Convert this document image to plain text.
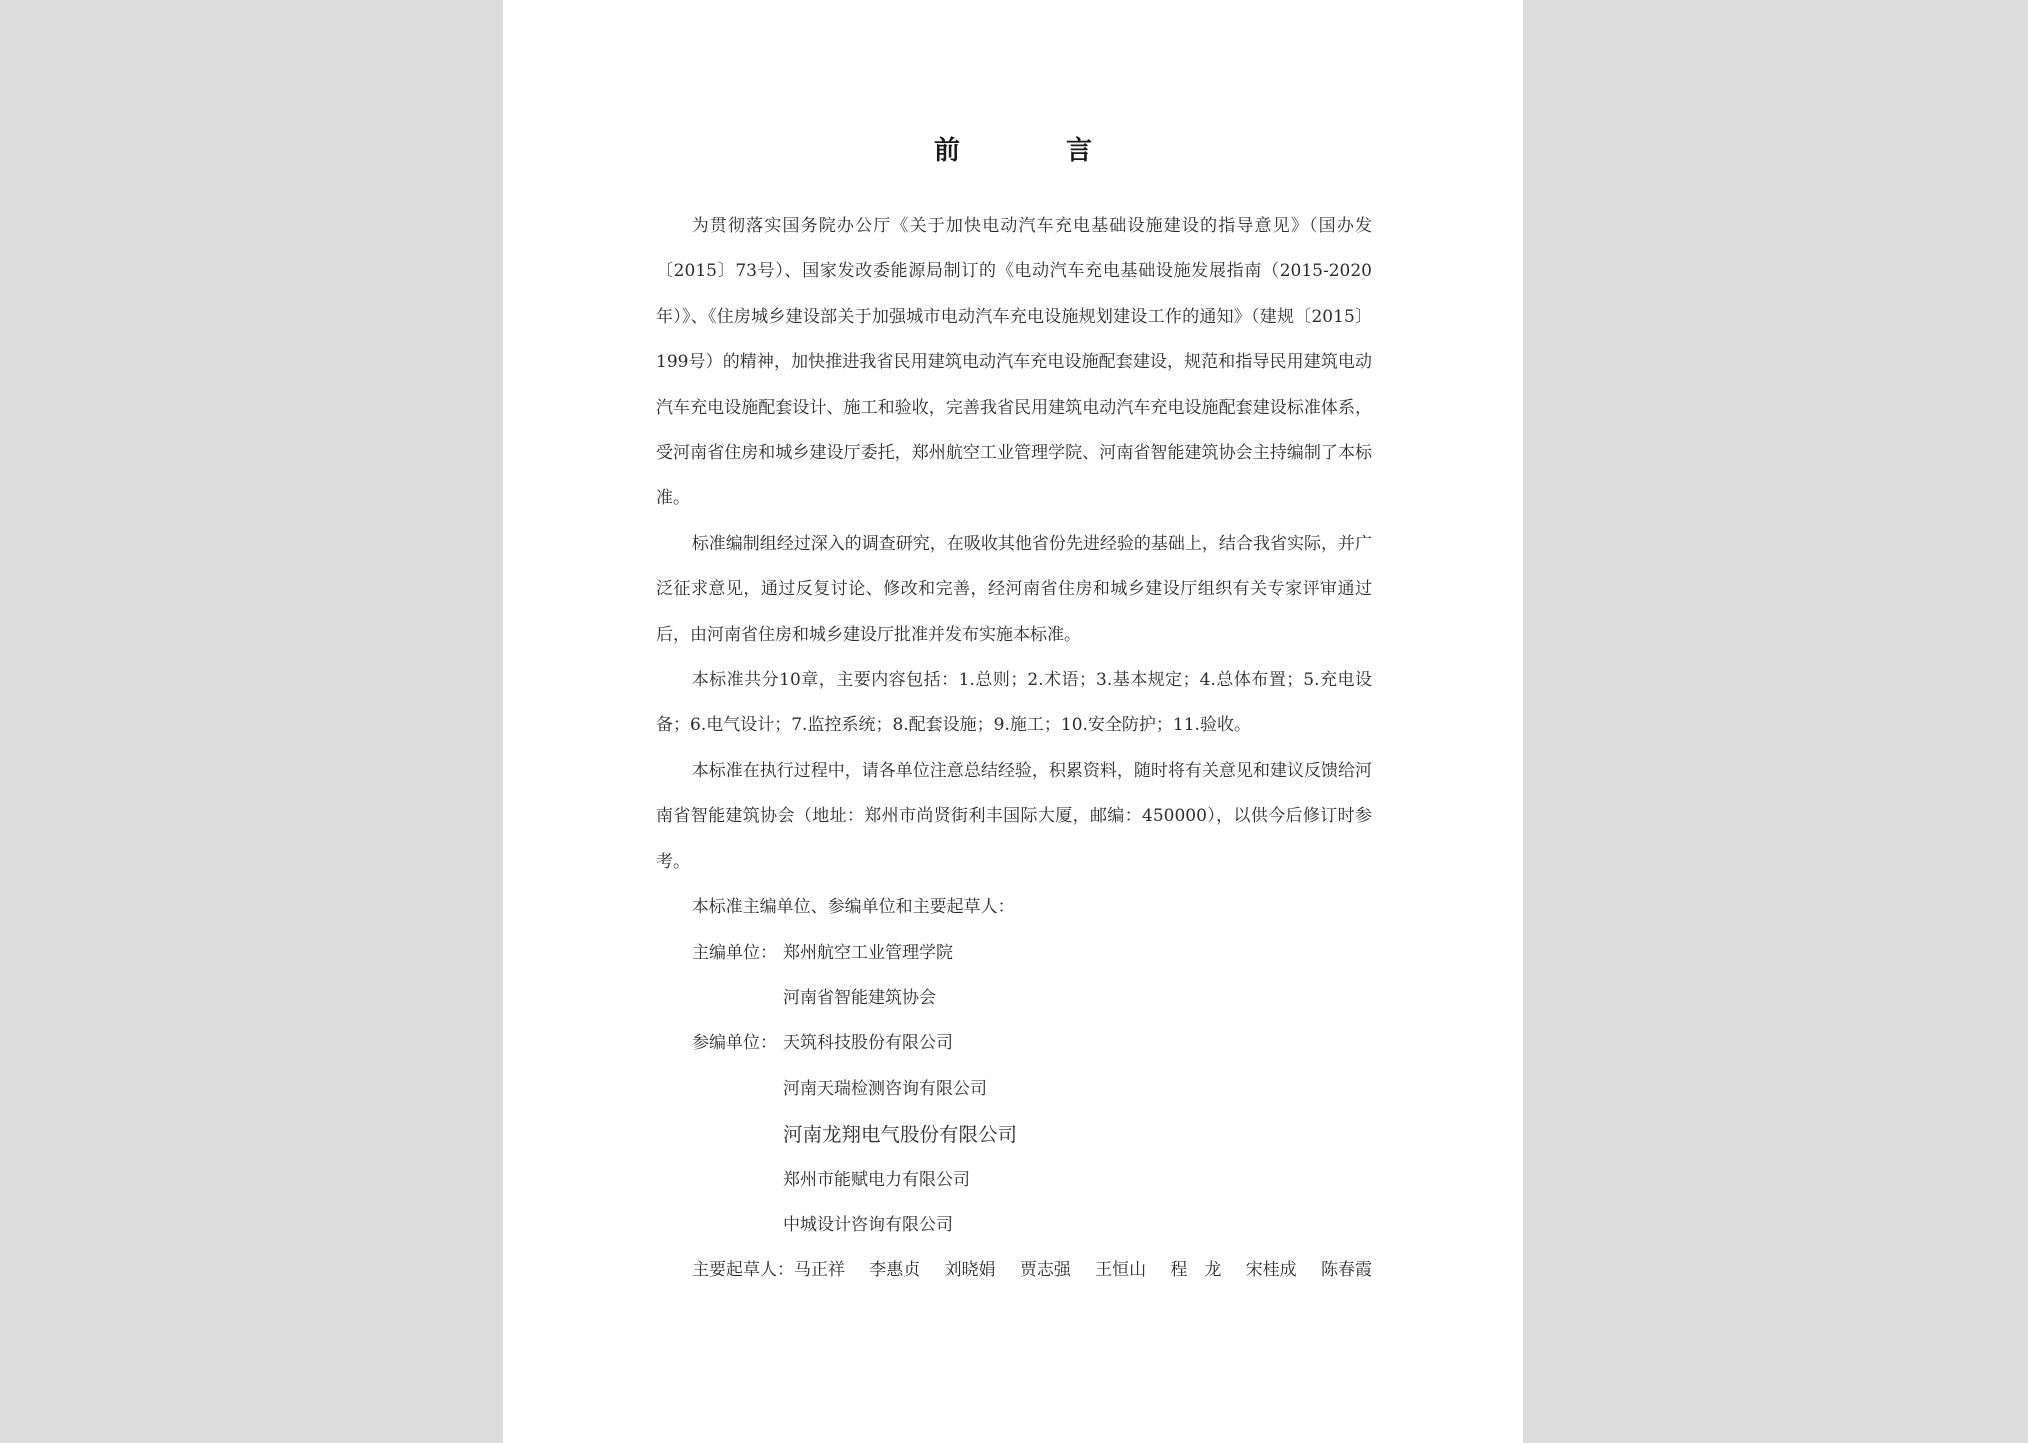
前　言

为贯彻落实国务院办公厅《关于加快电动汽车充电基础设施建设的指导意见》（国办发〔2015〕73号）、国家发改委能源局制订的《电动汽车充电基础设施发展指南（2015-2020年）》、《住房城乡建设部关于加强城市电动汽车充电设施规划建设工作的通知》（建规〔2015〕199号）的精神，加快推进我省民用建筑电动汽车充电设施配套建设，规范和指导民用建筑电动汽车充电设施配套设计、施工和验收，完善我省民用建筑电动汽车充电设施配套建设标准体系，受河南省住房和城乡建设厅委托，郑州航空工业管理学院、河南省智能建筑协会主持编制了本标准。

标准编制组经过深入的调查研究，在吸收其他省份先进经验的基础上，结合我省实际，并广泛征求意见，通过反复讨论、修改和完善，经河南省住房和城乡建设厅组织有关专家评审通过后，由河南省住房和城乡建设厅批准并发布实施本标准。

本标准共分10章，主要内容包括：1.总则；2.术语；3.基本规定；4.总体布置；5.充电设备；6.电气设计；7.监控系统；8.配套设施；9.施工；10.安全防护；11.验收。

本标准在执行过程中，请各单位注意总结经验，积累资料，随时将有关意见和建议反馈给河南省智能建筑协会（地址：郑州市尚贤街利丰国际大厦，邮编：450000），以供今后修订时参考。

本标准主编单位、参编单位和主要起草人：

主编单位： 郑州航空工业管理学院
河南省智能建筑协会
参编单位： 天筑科技股份有限公司
河南天瑞检测咨询有限公司
河南龙翔电气股份有限公司
郑州市能赋电力有限公司
中城设计咨询有限公司
主要起草人： 马正祥 李惠贞 刘晓娟 贾志强 王恒山 程　龙 宋桂成 陈春霞
